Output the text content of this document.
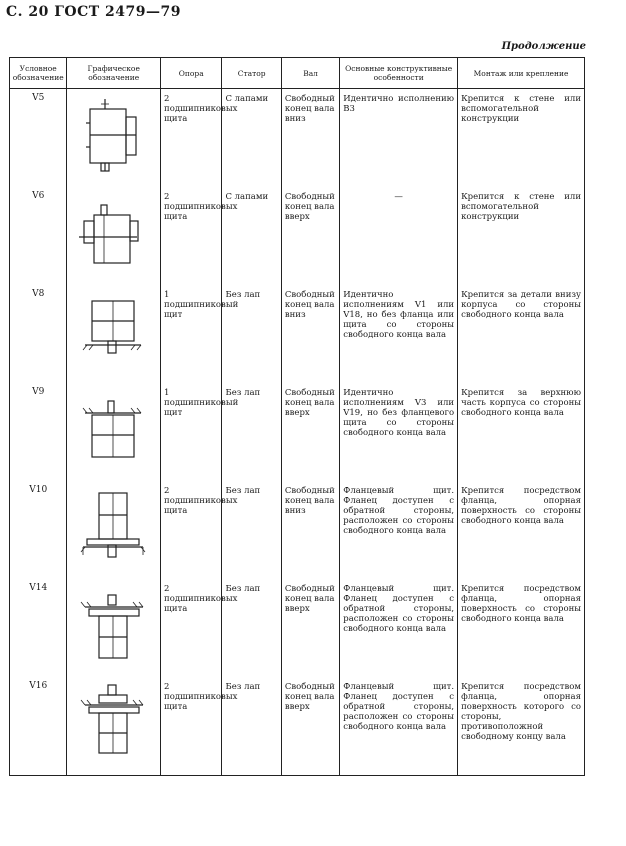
С. 20 ГОСТ 2479—79
Продолжение
Условное обозначение	Графическое обозначение	Опора	Статор	Вал	Основные конструктивные особенности	Монтаж или крепление
V5		2 подшипниковых щита	С лапами	Свободный конец вала вниз	Идентично исполнению В3	Крепится к стене или вспомогательной конструкции
V6		2 подшипниковых щита	С лапами	Свободный конец вала вверх	—	Крепится к стене или вспомогательной конструкции
V8		1 подшипниковый щит	Без лап	Свободный конец вала вниз	Идентично исполнениям V1 или V18, но без фланца или щита со стороны свободного конца вала	Крепится за детали внизу корпуса со стороны свободного конца вала
V9		1 подшипниковый щит	Без лап	Свободный конец вала вверх	Идентично исполнениям V3 или V19, но без фланцевого щита со стороны свободного конца вала	Крепится за верхнюю часть корпуса со стороны свободного конца вала
V10		2 подшипниковых щита	Без лап	Свободный конец вала вниз	Фланцевый щит. Фланец доступен с обратной стороны, расположен со стороны свободного конца вала	Крепится посредством фланца, опорная поверхность со стороны свободного конца вала
V14		2 подшипниковых щита	Без лап	Свободный конец вала вверх	Фланцевый щит. Фланец доступен с обратной стороны, расположен со стороны свободного конца вала	Крепится посредством фланца, опорная поверхность со стороны свободного конца вала
V16		2 подшипниковых щита	Без лап	Свободный конец вала вверх	Фланцевый щит. Фланец доступен с обратной стороны, расположен со стороны свободного конца вала	Крепится посредством фланца, опорная поверхность которого со стороны, противоположной свободному концу вала
